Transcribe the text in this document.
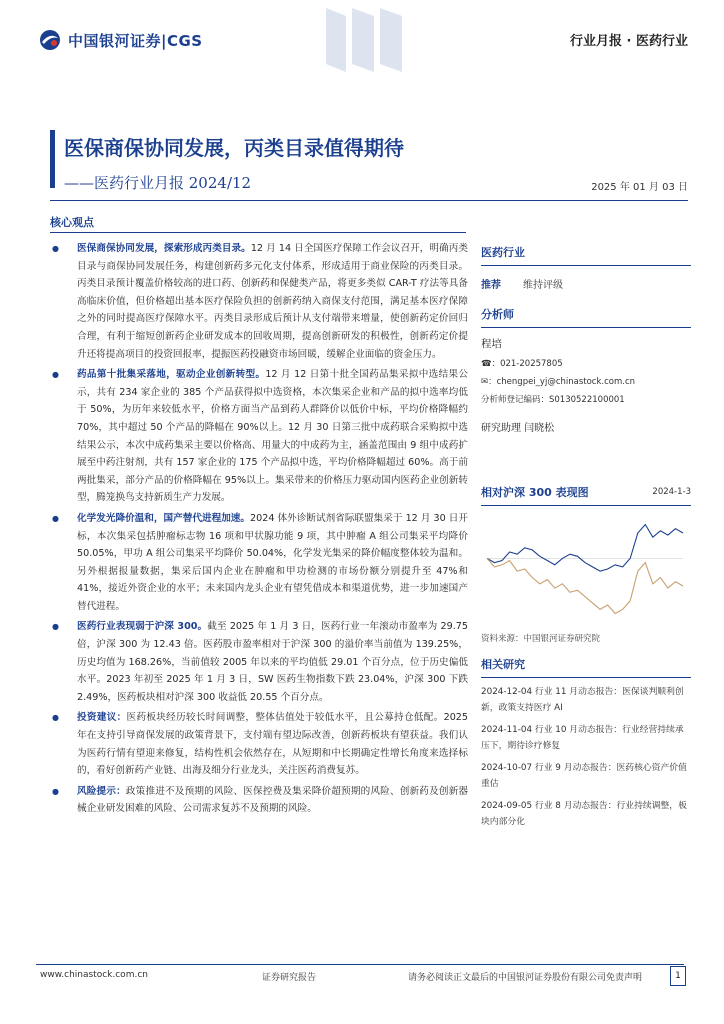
中国银河证券|CGS	行业月报 · 医药行业
医保商保协同发展，丙类目录值得期待
——医药行业月报 2024/12	2025 年 01 月 03 日
核心观点
● 医保商保协同发展，探索形成丙类目录。12 月 14 日全国医疗保障工作会议召开，明确丙类目录与商保协同发展任务，构建创新药多元化支付体系，形成适用于商业保险的丙类目录。丙类目录预计覆盖价格较高的进口药、创新药和保健类产品，将更多类似 CAR-T 疗法等具备高临床价值，但价格超出基本医疗保险负担的创新药纳入商保支付范围，满足基本医疗保障之外的同时提高医疗保障水平。丙类目录形成后预计从支付端带来增量，使创新药定价回归合理，有利于缩短创新药企业研发成本的回收周期，提高创新研发的积极性，创新药定价提升还将提高项目的投资回报率，提振医药投融资市场回暖，缓解企业面临的资金压力。
● 药品第十批集采落地，驱动企业创新转型。12 月 12 日第十批全国药品集采拟中选结果公示，共有 234 家企业的 385 个产品获得拟中选资格，本次集采企业和产品的拟中选率均低于 50%，为历年来较低水平，价格方面当产品到药人群降价以低价中标，平均价格降幅约 70%，其中超过 50 个产品的降幅在 90%以上。12 月 30 日第三批中成药联合采购拟中选结果公示，本次中成药集采主要以价格高、用量大的中成药为主，涵盖范围由 9 组中成药扩展至中药注射剂，共有 157 家企业的 175 个产品拟中选，平均价格降幅超过 60%。高于前两批集采，部分产品的价格降幅在 95%以上。集采带来的价格压力驱动国内医药企业创新转型，腾笼换鸟支持新质生产力发展。
● 化学发光降价温和，国产替代进程加速。2024 体外诊断试剂省际联盟集采于 12 月 30 日开标，本次集采包括肿瘤标志物 16 项和甲状腺功能 9 项，其中肿瘤 A 组公司集采平均降价 50.05%，甲功 A 组公司集采平均降价 50.04%，化学发光集采的降价幅度整体较为温和。另外根据报量数据，集采后国内企业在肿瘤和甲功检测的市场份额分别提升至 47%和 41%，接近外资企业的水平；未来国内龙头企业有望凭借成本和渠道优势，进一步加速国产替代进程。
● 医药行业表现弱于沪深 300。截至 2025 年 1 月 3 日，医药行业一年滚动市盈率为 29.75 倍，沪深 300 为 12.43 倍。医药股市盈率相对于沪深 300 的溢价率当前值为 139.25%，历史均值为 168.26%，当前值较 2005 年以来的平均值低 29.01 个百分点，位于历史偏低水平。2023 年初至 2025 年 1 月 3 日，SW 医药生物指数下跌 23.04%，沪深 300 下跌 2.49%，医药板块相对沪深 300 收益低 20.55 个百分点。
● 投资建议：医药板块经历较长时间调整，整体估值处于较低水平，且公募持仓低配。2025 年在支持引导商保发展的政策背景下，支付端有望边际改善，创新药板块有望获益。我们认为医药行情有望迎来修复，结构性机会依然存在，从短期和中长期确定性增长角度来选择标的，看好创新药产业链、出海及细分行业龙头，关注医药消费复苏。
● 风险提示：政策推进不及预期的风险、医保控费及集采降价超预期的风险、创新药及创新器械企业研发困难的风险、公司需求复苏不及预期的风险。
医药行业
推荐 维持评级
分析师
程培
☎：021-20257805
✉：chengpei_yj@chinastock.com.cn
分析师登记编码：S0130522100001
研究助理 闫晓松
相对沪深 300 表现图	2024-1-3
资料来源：中国银河证券研究院
相关研究
2024-12-04 行业 11 月动态报告：医保谈判顺利创新，政策支持医疗 AI
2024-11-04 行业 10 月动态报告：行业经营持续承压下，期待诊疗修复
2024-10-07 行业 9 月动态报告：医药核心资产价值重估
2024-09-05 行业 8 月动态报告：行业持续调整，板块内部分化
www.chinastock.com.cn	证券研究报告	请务必阅读正文最后的中国银河证券股份有限公司免责声明	1
